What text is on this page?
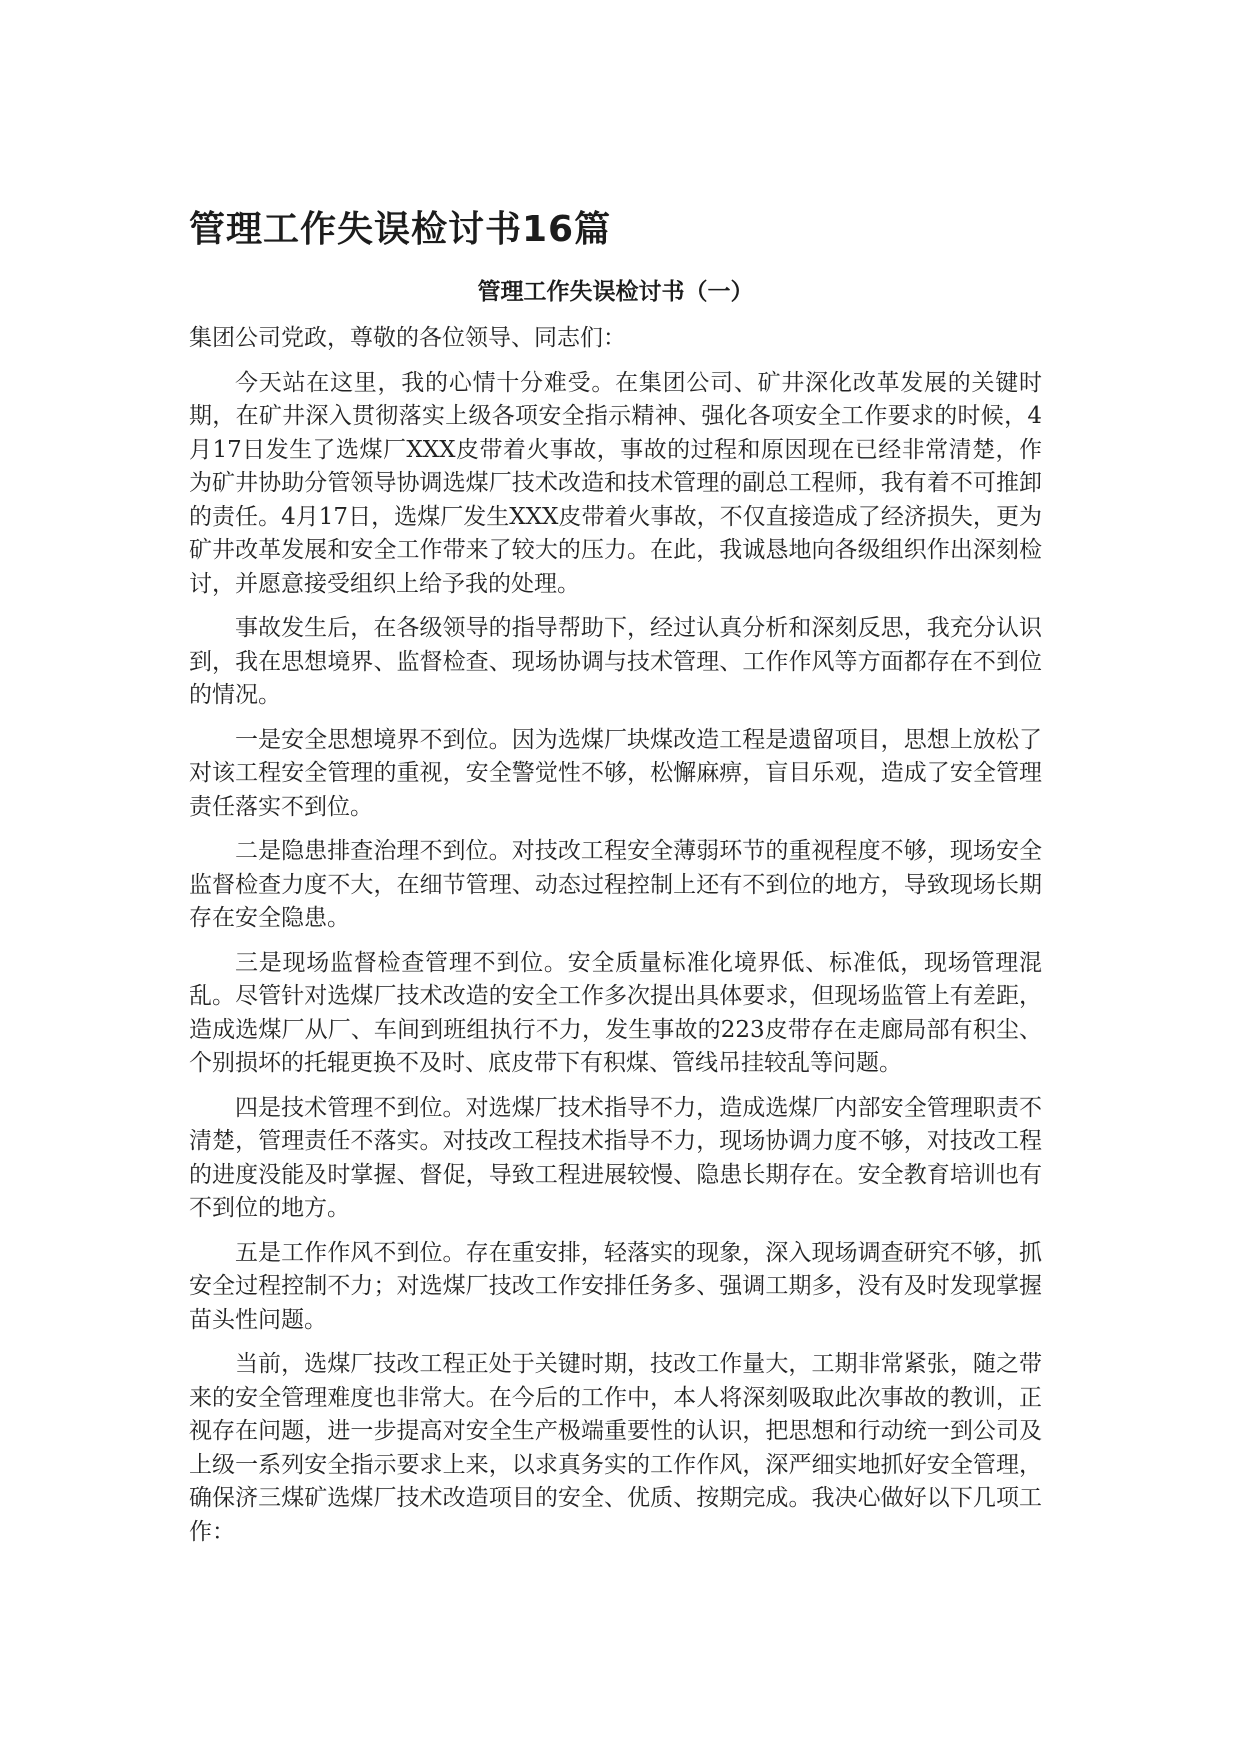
管理工作失误检讨书16篇
管理工作失误检讨书（一）

集团公司党政，尊敬的各位领导、同志们：

今天站在这里，我的心情十分难受。在集团公司、矿井深化改革发展的关键时期，在矿井深入贯彻落实上级各项安全指示精神、强化各项安全工作要求的时候，4月17日发生了选煤厂XXX皮带着火事故，事故的过程和原因现在已经非常清楚，作为矿井协助分管领导协调选煤厂技术改造和技术管理的副总工程师，我有着不可推卸的责任。4月17日，选煤厂发生XXX皮带着火事故，不仅直接造成了经济损失，更为矿井改革发展和安全工作带来了较大的压力。在此，我诚恳地向各级组织作出深刻检讨，并愿意接受组织上给予我的处理。

事故发生后，在各级领导的指导帮助下，经过认真分析和深刻反思，我充分认识到，我在思想境界、监督检查、现场协调与技术管理、工作作风等方面都存在不到位的情况。

一是安全思想境界不到位。因为选煤厂块煤改造工程是遗留项目，思想上放松了对该工程安全管理的重视，安全警觉性不够，松懈麻痹，盲目乐观，造成了安全管理责任落实不到位。

二是隐患排查治理不到位。对技改工程安全薄弱环节的重视程度不够，现场安全监督检查力度不大，在细节管理、动态过程控制上还有不到位的地方，导致现场长期存在安全隐患。

三是现场监督检查管理不到位。安全质量标准化境界低、标准低，现场管理混乱。尽管针对选煤厂技术改造的安全工作多次提出具体要求，但现场监管上有差距，造成选煤厂从厂、车间到班组执行不力，发生事故的223皮带存在走廊局部有积尘、个别损坏的托辊更换不及时、底皮带下有积煤、管线吊挂较乱等问题。

四是技术管理不到位。对选煤厂技术指导不力，造成选煤厂内部安全管理职责不清楚，管理责任不落实。对技改工程技术指导不力，现场协调力度不够，对技改工程的进度没能及时掌握、督促，导致工程进展较慢、隐患长期存在。安全教育培训也有不到位的地方。

五是工作作风不到位。存在重安排，轻落实的现象，深入现场调查研究不够，抓安全过程控制不力；对选煤厂技改工作安排任务多、强调工期多，没有及时发现掌握苗头性问题。

当前，选煤厂技改工程正处于关键时期，技改工作量大，工期非常紧张，随之带来的安全管理难度也非常大。在今后的工作中，本人将深刻吸取此次事故的教训，正视存在问题，进一步提高对安全生产极端重要性的认识，把思想和行动统一到公司及上级一系列安全指示要求上来，以求真务实的工作作风，深严细实地抓好安全管理，确保济三煤矿选煤厂技术改造项目的安全、优质、按期完成。我决心做好以下几项工作：
